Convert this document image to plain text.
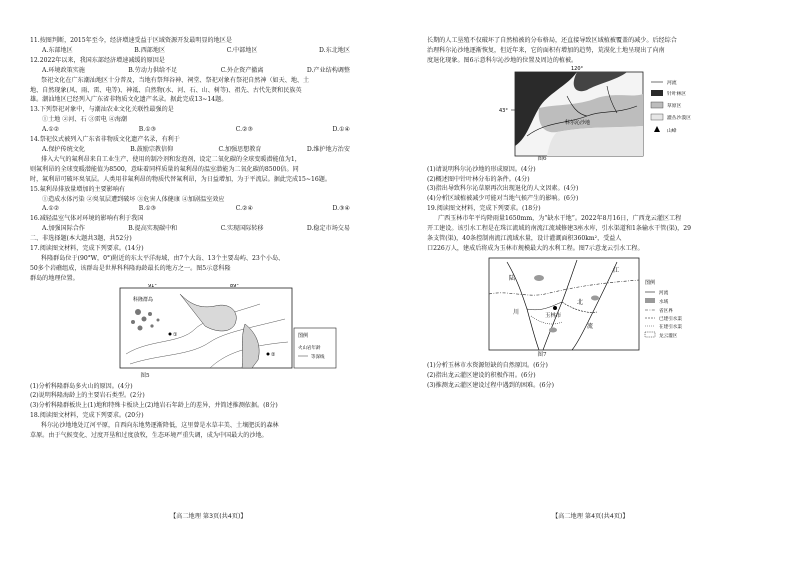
11.按图判断，2015年至今，经济增速受益于区域资源开发最明显的地区是
A.东部地区	B.西部地区	C.中部地区	D.东北地区
12.2022年以来，我国东部经济增速减缓的原因是
A.环境政策实施	B.劳动力供给不足	C.外企资产撤离	D.产业结构调整
祭祀文化在广东潮汕地区十分普及，当地有祭拜谷神、祠堂、祭祀对象有祭祀自然神（如天、地、土
地、自然现象(风、雨、雷、电等)、神祗、自然物(水、河、石、山、树等)、祖先、古代先贤和民族英
雄。潮汕地区已经列入广东省非物质文化遗产名录。据此完成13~14题。
13.下列祭祀对象中，与潮汕农业文化关联性最强的是
①土地 ②河、石 ③雷电 ④海潮
A.①②	B.①③	C.②③	D.①④
14.祭祀仪式被列入广东省非物质文化遗产名录，有利于
A.保护传统文化	B.鼓励宗教信仰	C.加强思想教育	D.维护地方治安
排入大气的氟利昂来自工业生产、使用的制冷剂和发泡剂，设定二氧化碳的全球变暖潜能值为1，
则氟利昂的全球变暖潜能值为8500，意味着同样质量的氟利昂的温室潜能为二氧化碳的8500倍。同
时，氟利昂可破坏臭氧层。人类用非氟利昂的物质代替氟利昂，为日益增加，为于平流层。据此完成15~16题。
15.氟利昂排放量增加的主要影响有
①造成水体污染 ②臭氧层遭到破坏 ③危害人体健康 ④加剧温室效应
A.①②	B.①③	C.②④	D.③④
16.减轻温室气体对环境的影响有利于我国
A.加强国际合作	B.提高实现碳中和	C.实现国际转移	D.稳定市场交易
二、非选择题(本大题共3题，共52分)
17.阅读图文材料，完成下列要求。(14分)
科隆群岛位于(90°W，0°)附近的东太平洋海域，由7个大岛、13个主要岛屿、23个小岛、
50多个岩礁组成，该群岛是世界科科隆海龄最长的地方之一。图5示意科隆
群岛的地理位置。
①
②
科隆群岛
91°	89°
图例
火山岩年龄
等深线
图5
(1)分析科隆群岛多火山的原因。(4分)
(2)说明科隆海龄上的主要岩石类型。(2分)
(3)分析科隆群板块上(1)地和特殊卡板块上(2)地岩石年龄上的差异，并简述推测依据。(8分)
18.阅读图文材料，完成下列要求。(20分)
科尔沁沙地地处辽河平原，自西向东地势逐渐降低，这里曾是水草丰美、土壤肥沃的森林
草原。由于气候变化、过度开垦和过度放牧，生态环境严重失调，成为中国最大的沙地。
【高二地理 第3页(共4页)】
长期的人工垦殖不仅破坏了自然植被的分布格局，还直接导致区域植被覆盖的减少。后经综合
治理科尔沁沙地逐渐恢复，但近年来，它的面积有增加的趋势，荒漠化土地呈现出了向南
度退化现象。图6示意科尔沁沙地的位置及周边的植被。
科尔沁沙地
120°
43°
河流
针叶林区
草原区
灌丛沙漠区
山峰
图6
(1)请说明科尔沁沙地的形成原因。(4分)
(2)概述图中针叶林分布的条件。(4分)
(3)指出导致科尔沁草原再次出现退化的人文因素。(4分)
(4)分析区域植被减少可能对当地气候产生的影响。(6分)
19.阅读图文材料，完成下列要求。(18分)
广西玉林市年平均降雨量1650mm，为“缺水干地”。2022年8月16日，广西龙云灌区工程
开工建设。该引水工程是在珠江流域的南流江流域修建3座水库，引水渠道和1条输水干管(渠)，29
条支管(渠)，40条控制南流江流域水量，设计灌溉面积360km²，受益人
口226万人，建成后将成为玉林市规模最大的水利工程。图7示意龙云引水工程。
陆
川	玉林市
北
流
江
图例
河流
水域
省区界
已建引水渠
在建引水渠
龙云灌区
图7
(1)分析玉林市水资源短缺的自然原因。(6分)
(2)指出龙云灌区建设的积极作用。(6分)
(3)推测龙云灌区建设过程中遇到的困难。(6分)
【高二地理 第4页(共4页)】
